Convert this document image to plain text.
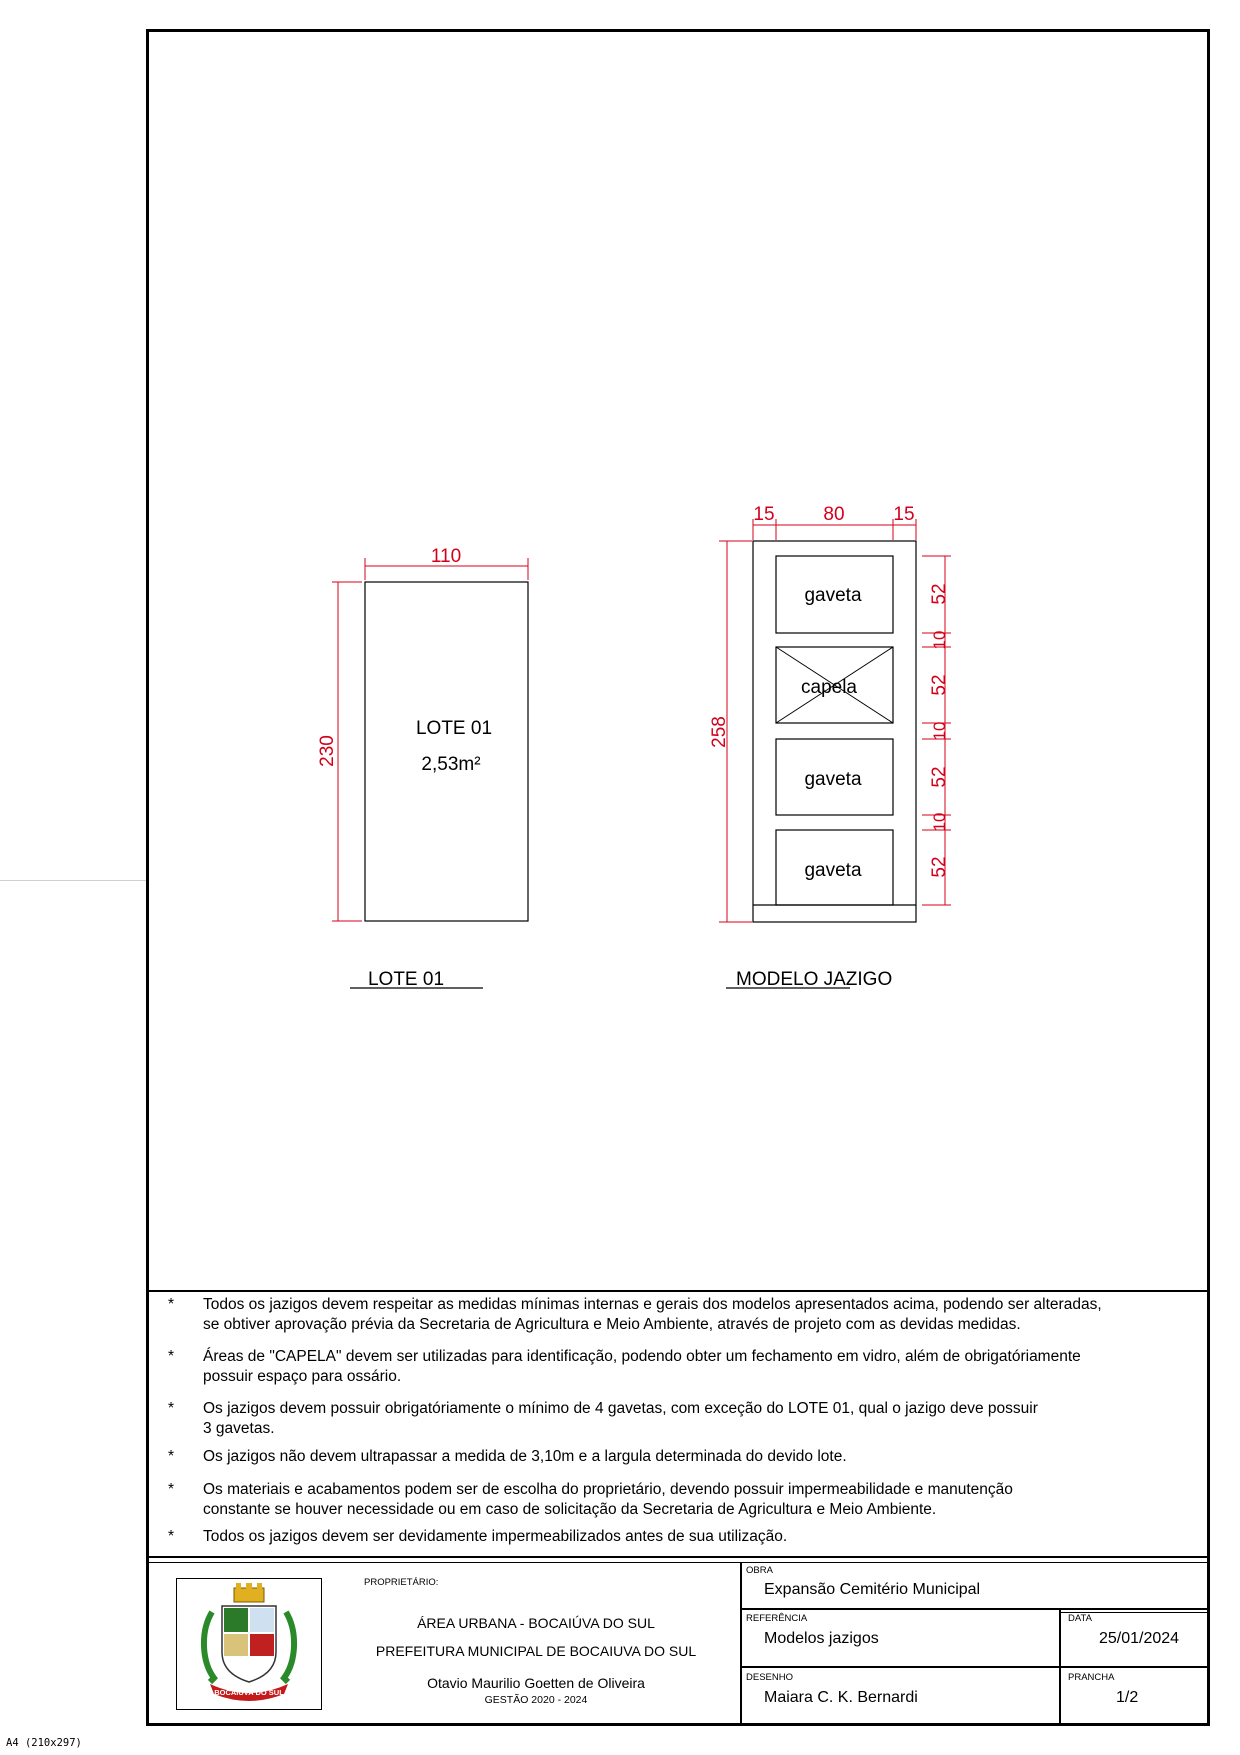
110
230
LOTE 01
2,53m²
LOTE 01
gaveta
capela
gaveta
gaveta
15	80	15
258
52
10
52
10
52
10
52
MODELO JAZIGO
* Todos os jazigos devem respeitar as medidas mínimas internas e gerais dos modelos apresentados acima, podendo ser alteradas,
se obtiver aprovação prévia da Secretaria de Agricultura e Meio Ambiente, através de projeto com as devidas medidas.
* Áreas de "CAPELA" devem ser utilizadas para identificação, podendo obter um fechamento em vidro, além de obrigatóriamente
possuir espaço para ossário.
* Os jazigos devem possuir obrigatóriamente o mínimo de 4 gavetas, com exceção do LOTE 01, qual o jazigo deve possuir
3 gavetas.
* Os jazigos não devem ultrapassar a medida de 3,10m e a largula determinada do devido lote.
* Os materiais e acabamentos podem ser de escolha do proprietário, devendo possuir impermeabilidade e manutenção
constante se houver necessidade ou em caso de solicitação da Secretaria de Agricultura e Meio Ambiente.
* Todos os jazigos devem ser devidamente impermeabilizados antes de sua utilização.
BOCAIUVA DO SUL
PROPRIETÁRIO:
ÁREA URBANA - BOCAIÚVA DO SUL
PREFEITURA MUNICIPAL DE BOCAIUVA DO SUL
Otavio Maurilio Goetten de Oliveira
GESTÃO 2020 - 2024
OBRA
Expansão Cemitério Municipal
REFERÊNCIA
Modelos jazigos
DATA
25/01/2024
DESENHO
Maiara C. K. Bernardi
PRANCHA
1/2
A4 (210x297)
